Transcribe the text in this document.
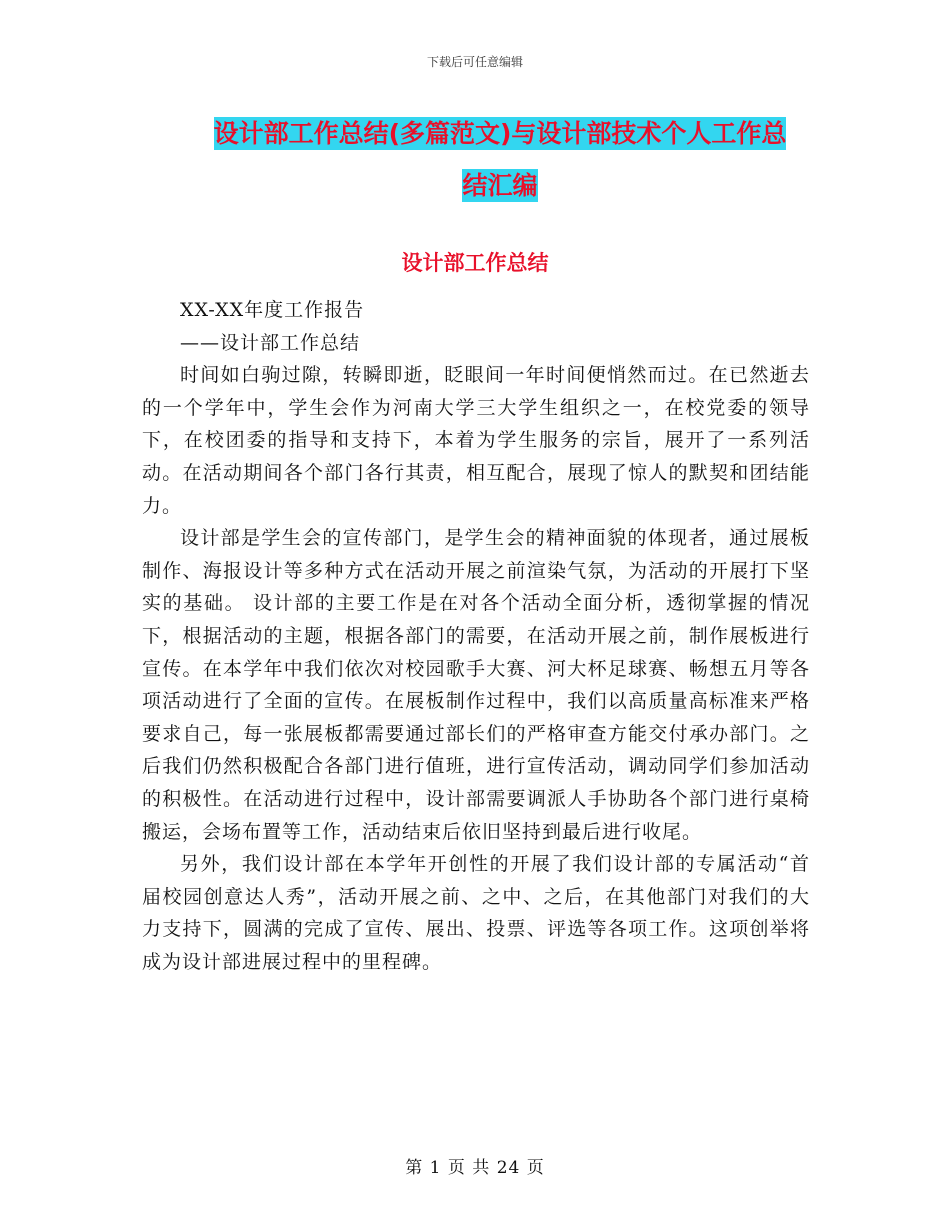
下载后可任意编辑
设计部工作总结(多篇范文)与设计部技术个人工作总
结汇编
设计部工作总结

XX-XX年度工作报告

——设计部工作总结

时间如白驹过隙，转瞬即逝，眨眼间一年时间便悄然而过。在已然逝去的一个学年中，学生会作为河南大学三大学生组织之一，在校党委的领导下，在校团委的指导和支持下，本着为学生服务的宗旨，展开了一系列活动。在活动期间各个部门各行其责，相互配合，展现了惊人的默契和团结能力。

设计部是学生会的宣传部门，是学生会的精神面貌的体现者，通过展板制作、海报设计等多种方式在活动开展之前渲染气氛，为活动的开展打下坚实的基础。 设计部的主要工作是在对各个活动全面分析，透彻掌握的情况下，根据活动的主题，根据各部门的需要，在活动开展之前，制作展板进行宣传。在本学年中我们依次对校园歌手大赛、河大杯足球赛、畅想五月等各项活动进行了全面的宣传。在展板制作过程中，我们以高质量高标准来严格要求自己，每一张展板都需要通过部长们的严格审查方能交付承办部门。之后我们仍然积极配合各部门进行值班，进行宣传活动，调动同学们参加活动的积极性。在活动进行过程中，设计部需要调派人手协助各个部门进行桌椅搬运，会场布置等工作，活动结束后依旧坚持到最后进行收尾。

另外，我们设计部在本学年开创性的开展了我们设计部的专属活动“首届校园创意达人秀”，活动开展之前、之中、之后，在其他部门对我们的大力支持下，圆满的完成了宣传、展出、投票、评选等各项工作。这项创举将成为设计部进展过程中的里程碑。

第 1 页 共 24 页
